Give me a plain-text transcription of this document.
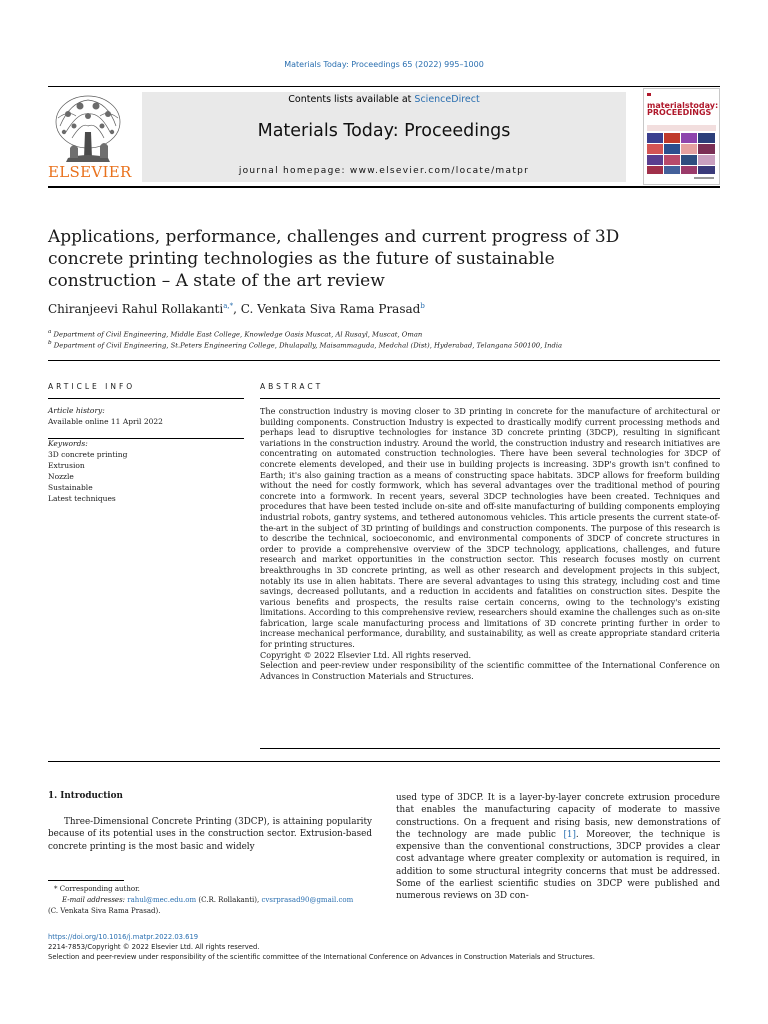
Materials Today: Proceedings 65 (2022) 995–1000
ELSEVIER
Contents lists available at ScienceDirect
Materials Today: Proceedings
journal homepage: www.elsevier.com/locate/matpr
materialstoday:
PROCEEDINGS
Applications, performance, challenges and current progress of 3D concrete printing technologies as the future of sustainable construction – A state of the art review
Chiranjeevi Rahul Rollakanti$^{a,*}$, C. Venkata Siva Rama Prasad$^b$
$^a$ Department of Civil Engineering, Middle East College, Knowledge Oasis Muscat, Al Rusayl, Muscat, Oman
$^b$ Department of Civil Engineering, St.Peters Engineering College, Dhulapally, Maisammaguda, Medchal (Dist), Hyderabad, Telangana 500100, India
ARTICLE INFO	ABSTRACT
Article history:
Available online 11 April 2022
Keywords:
3D concrete printing
Extrusion
Nozzle
Sustainable
Latest techniques

The construction industry is moving closer to 3D printing in concrete for the manufacture of architectural or building components. Construction Industry is expected to drastically modify current processing methods and perhaps lead to disruptive technologies for instance 3D concrete printing (3DCP), resulting in significant variations in the construction industry. Around the world, the construction industry and research initiatives are concentrating on automated construction technologies. There have been several technologies for 3DCP of concrete elements developed, and their use in building projects is increasing. 3DP's growth isn't confined to Earth; it's also gaining traction as a means of constructing space habitats. 3DCP allows for freeform building without the need for costly formwork, which has several advantages over the traditional method of pouring concrete into a formwork. In recent years, several 3DCP technologies have been created. Techniques and procedures that have been tested include on-site and off-site manufacturing of building components employing industrial robots, gantry systems, and tethered autonomous vehicles. This article presents the current state-of-the-art in the subject of 3D printing of buildings and construction components. The purpose of this research is to describe the technical, socioeconomic, and environmental components of 3DCP of concrete structures in order to provide a comprehensive overview of the 3DCP technology, applications, challenges, and future research and market opportunities in the construction sector. This research focuses mostly on current breakthroughs in 3D concrete printing, as well as other research and development projects in this subject, notably its use in alien habitats. There are several advantages to using this strategy, including cost and time savings, decreased pollutants, and a reduction in accidents and fatalities on construction sites. Despite the various benefits and prospects, the results raise certain concerns, owing to the technology's existing limitations. According to this comprehensive review, researchers should examine the challenges such as on-site fabrication, large scale manufacturing process and limitations of 3D concrete printing further in order to increase mechanical performance, durability, and sustainability, as well as create appropriate standard criteria for printing structures.

Copyright © 2022 Elsevier Ltd. All rights reserved.

Selection and peer-review under responsibility of the scientific committee of the International Conference on Advances in Construction Materials and Structures.

1. Introduction

Three-Dimensional Concrete Printing (3DCP), is attaining popularity because of its potential uses in the construction sector. Extrusion-based concrete printing is the most basic and widely

used type of 3DCP. It is a layer-by-layer concrete extrusion procedure that enables the manufacturing capacity of moderate to massive constructions. On a frequent and rising basis, new demonstrations of the technology are made public [1]. Moreover, the technique is expensive than the conventional constructions, 3DCP provides a clear cost advantage where greater complexity or automation is required, in addition to some structural integrity concerns that must be addressed. Some of the earliest scientific studies on 3DCP were published and numerous reviews on 3D con-

* Corresponding author.
E-mail addresses: rahul@mec.edu.om (C.R. Rollakanti), cvsrprasad90@gmail.com
(C. Venkata Siva Rama Prasad).
https://doi.org/10.1016/j.matpr.2022.03.619
2214-7853/Copyright © 2022 Elsevier Ltd. All rights reserved.
Selection and peer-review under responsibility of the scientific committee of the International Conference on Advances in Construction Materials and Structures.
